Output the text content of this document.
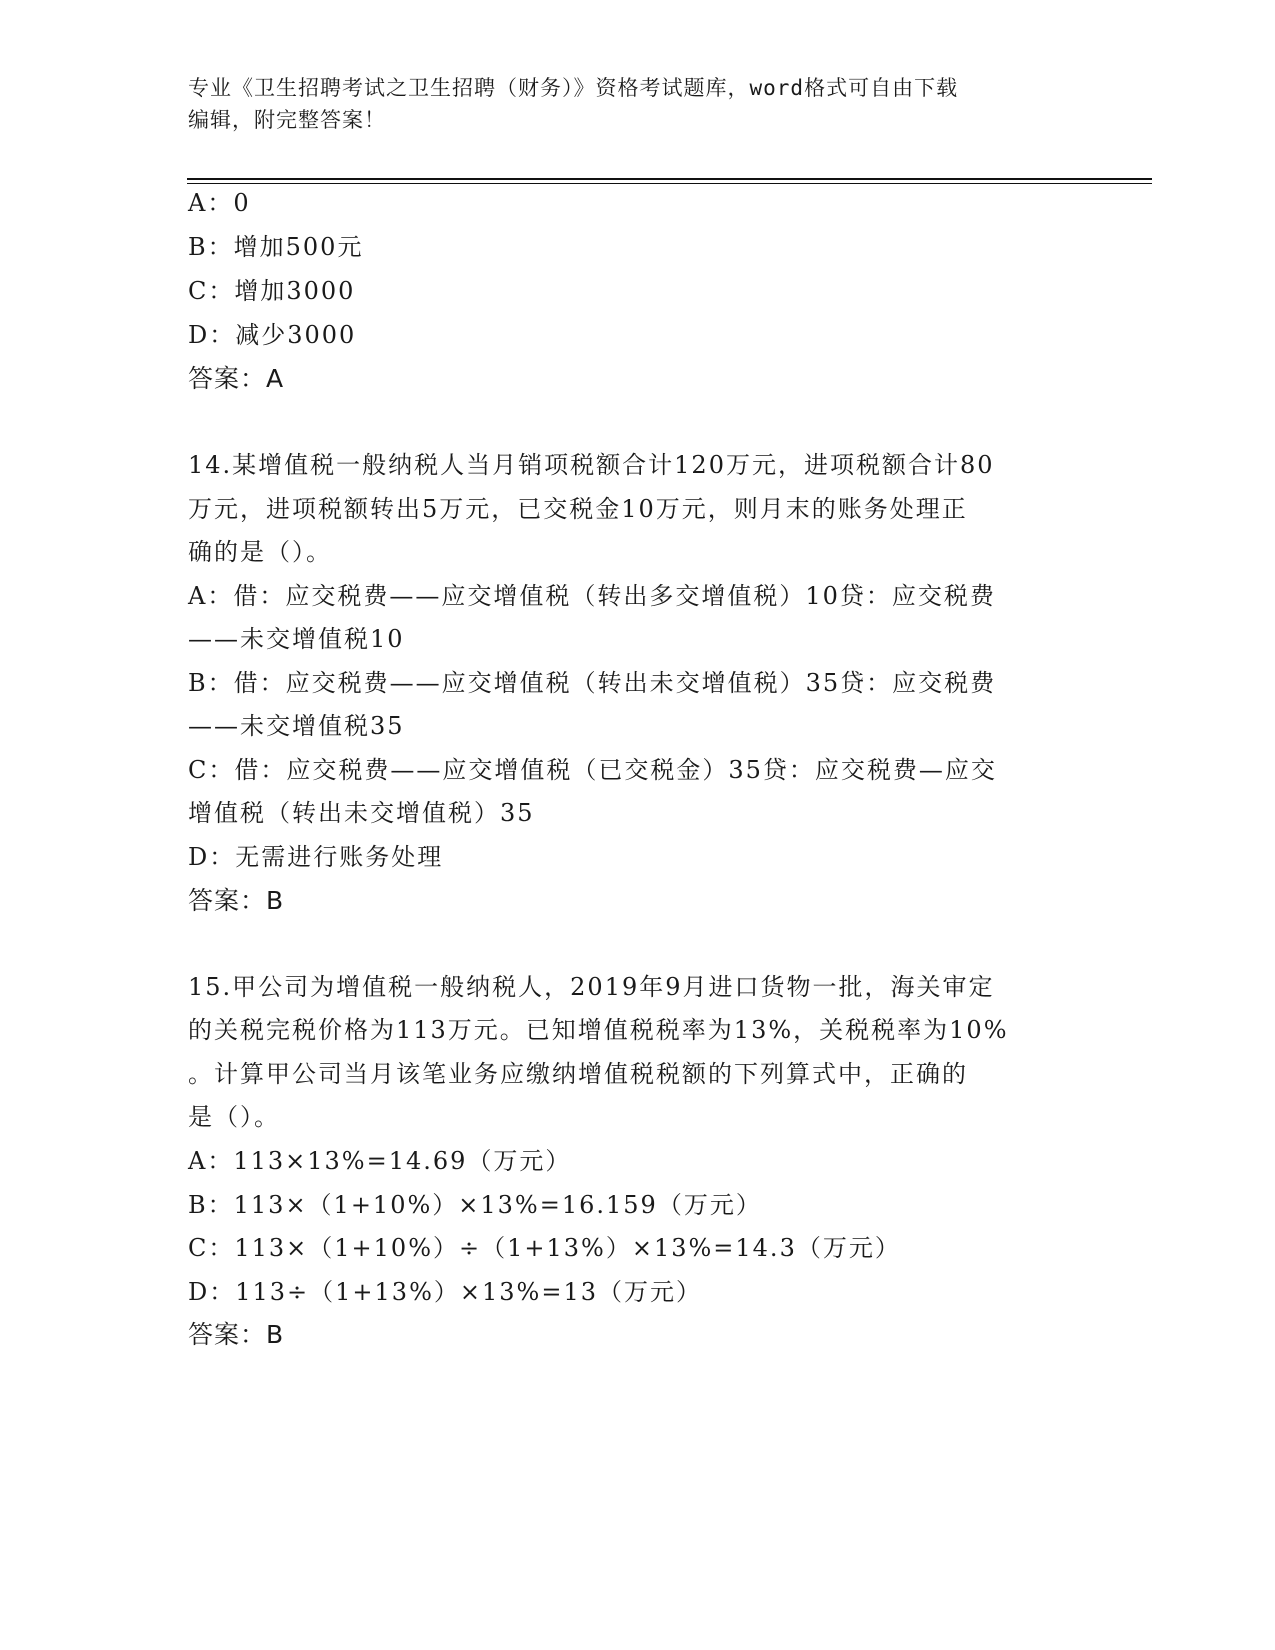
专业《卫生招聘考试之卫生招聘（财务）》资格考试题库，word格式可自由下载
编辑，附完整答案！
A：0
B：增加500元
C：增加3000
D：减少3000
答案：A
14.某增值税一般纳税人当月销项税额合计120万元，进项税额合计80
万元，进项税额转出5万元，已交税金10万元，则月末的账务处理正
确的是（）。
A：借：应交税费——应交增值税（转出多交增值税）10贷：应交税费
——未交增值税10
B：借：应交税费——应交增值税（转出未交增值税）35贷：应交税费
——未交增值税35
C：借：应交税费——应交增值税（已交税金）35贷：应交税费—应交
增值税（转出未交增值税）35
D：无需进行账务处理
答案：B
15.甲公司为增值税一般纳税人，2019年9月进口货物一批，海关审定
的关税完税价格为113万元。已知增值税税率为13%，关税税率为10%
。计算甲公司当月该笔业务应缴纳增值税税额的下列算式中，正确的
是（）。
A：113×13%=14.69（万元）
B：113×（1+10%）×13%=16.159（万元）
C：113×（1+10%）÷（1+13%）×13%=14.3（万元）
D：113÷（1+13%）×13%=13（万元）
答案：B
